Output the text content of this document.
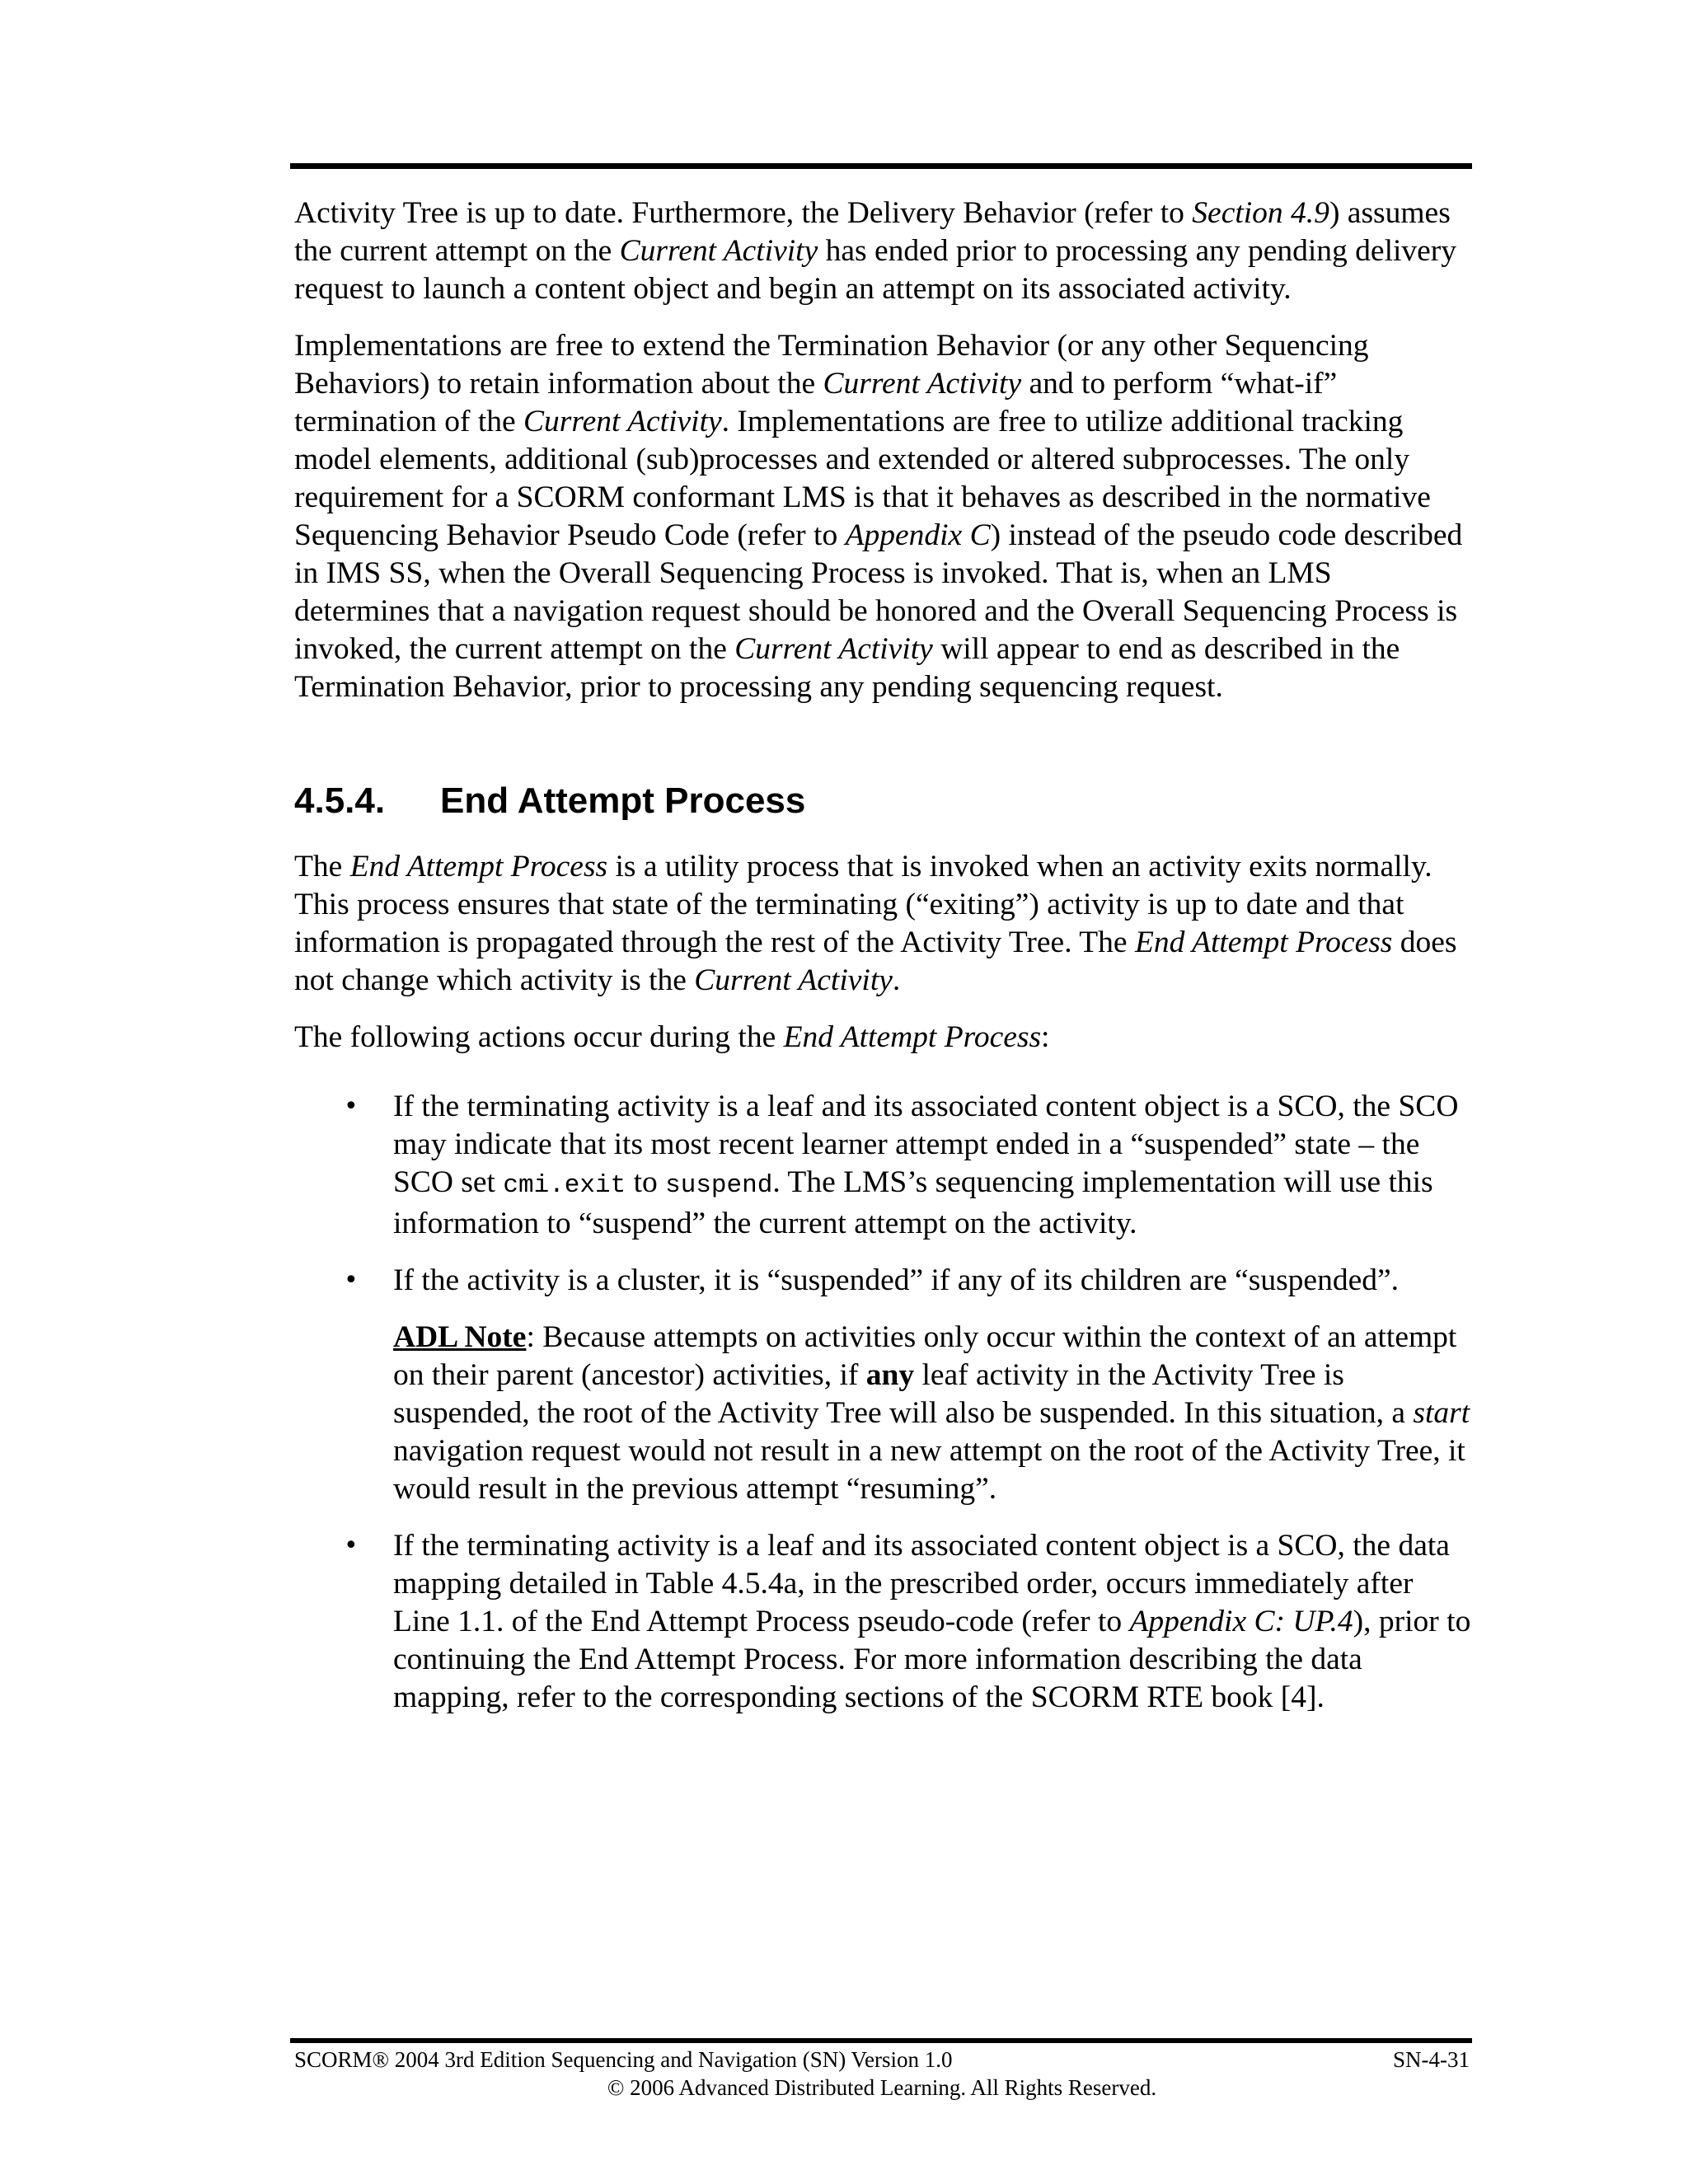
Activity Tree is up to date. Furthermore, the Delivery Behavior (refer to Section 4.9) assumes the current attempt on the Current Activity has ended prior to processing any pending delivery request to launch a content object and begin an attempt on its associated activity.

Implementations are free to extend the Termination Behavior (or any other Sequencing Behaviors) to retain information about the Current Activity and to perform “what-if” termination of the Current Activity. Implementations are free to utilize additional tracking model elements, additional (sub)processes and extended or altered subprocesses. The only requirement for a SCORM conformant LMS is that it behaves as described in the normative Sequencing Behavior Pseudo Code (refer to Appendix C) instead of the pseudo code described in IMS SS, when the Overall Sequencing Process is invoked. That is, when an LMS determines that a navigation request should be honored and the Overall Sequencing Process is invoked, the current attempt on the Current Activity will appear to end as described in the Termination Behavior, prior to processing any pending sequencing request.

4.5.4.	End Attempt Process

The End Attempt Process is a utility process that is invoked when an activity exits normally. This process ensures that state of the terminating (“exiting”) activity is up to date and that information is propagated through the rest of the Activity Tree. The End Attempt Process does not change which activity is the Current Activity.

The following actions occur during the End Attempt Process:

• If the terminating activity is a leaf and its associated content object is a SCO, the SCO may indicate that its most recent learner attempt ended in a “suspended” state – the SCO set cmi.exit to suspend. The LMS’s sequencing implementation will use this information to “suspend” the current attempt on the activity.

• If the activity is a cluster, it is “suspended” if any of its children are “suspended”.

ADL Note: Because attempts on activities only occur within the context of an attempt on their parent (ancestor) activities, if any leaf activity in the Activity Tree is suspended, the root of the Activity Tree will also be suspended. In this situation, a start navigation request would not result in a new attempt on the root of the Activity Tree, it would result in the previous attempt “resuming”.

• If the terminating activity is a leaf and its associated content object is a SCO, the data mapping detailed in Table 4.5.4a, in the prescribed order, occurs immediately after Line 1.1. of the End Attempt Process pseudo-code (refer to Appendix C: UP.4), prior to continuing the End Attempt Process. For more information describing the data mapping, refer to the corresponding sections of the SCORM RTE book [4].

SCORM® 2004 3rd Edition Sequencing and Navigation (SN) Version 1.0	SN-4-31
© 2006 Advanced Distributed Learning. All Rights Reserved.
